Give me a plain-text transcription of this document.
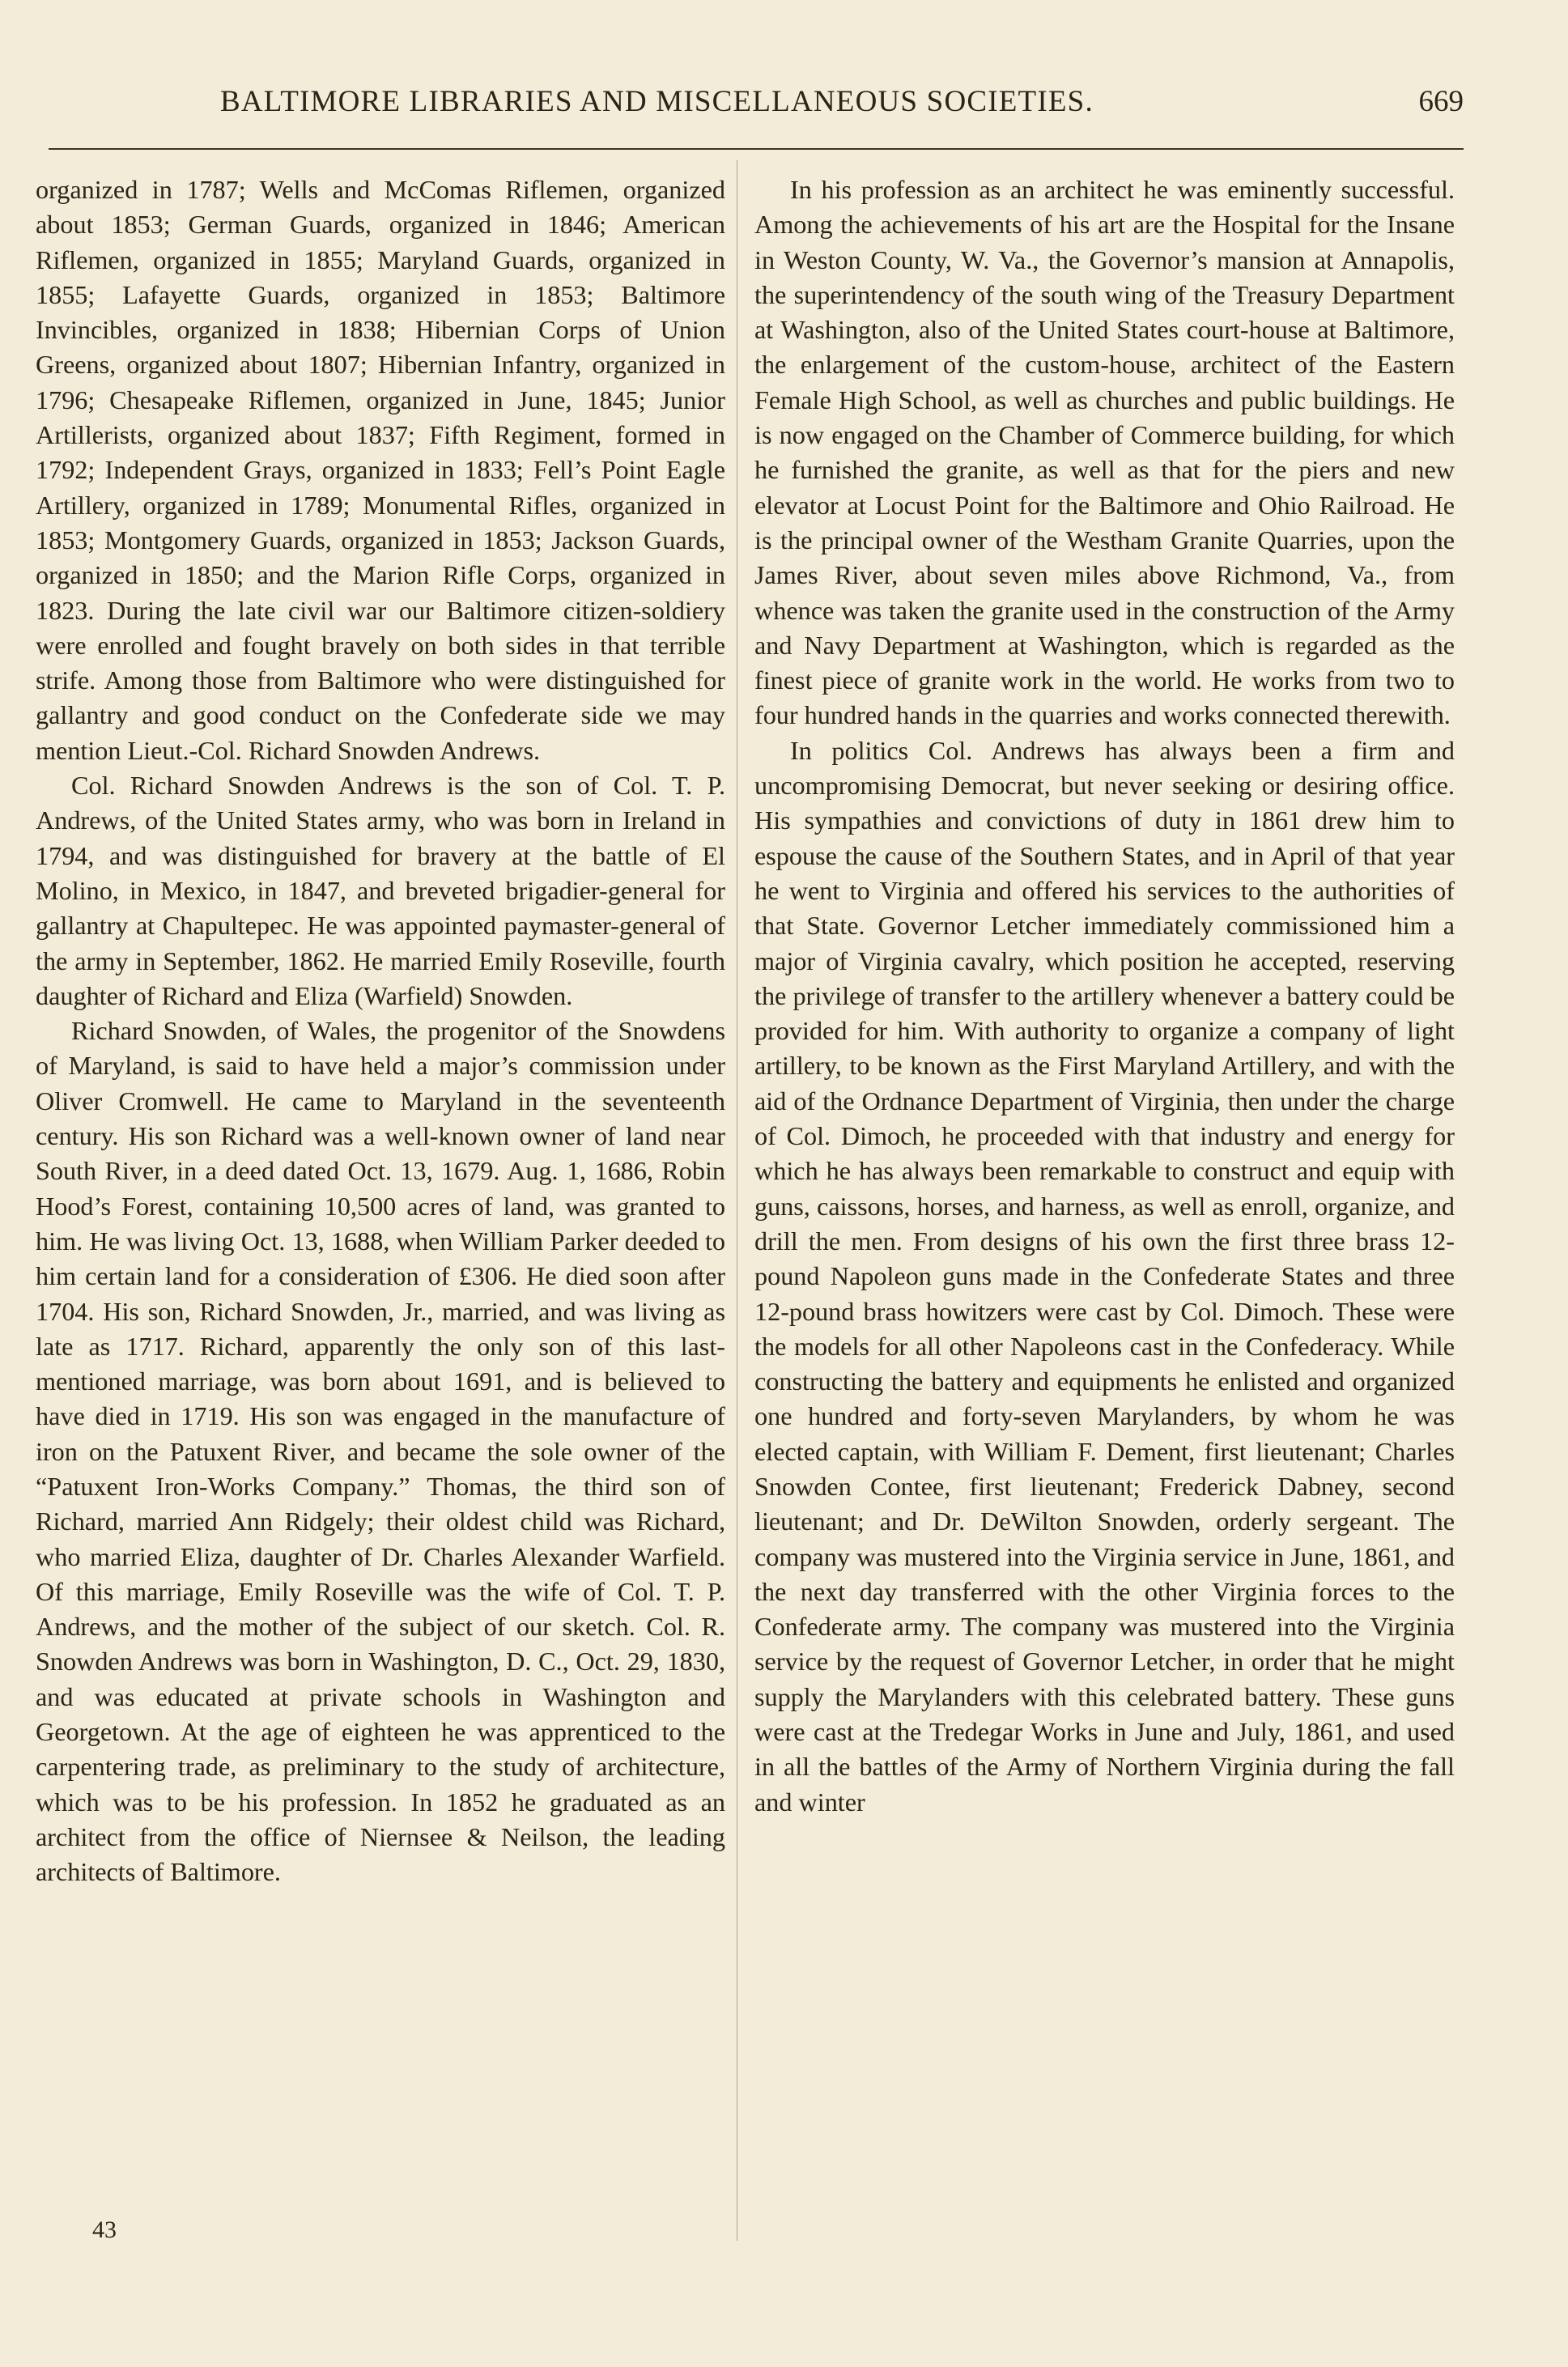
BALTIMORE LIBRARIES AND MISCELLANEOUS SOCIETIES.	669

organized in 1787; Wells and McComas Riflemen, organized about 1853; German Guards, organized in 1846; American Riflemen, organized in 1855; Maryland Guards, organized in 1855; Lafayette Guards, organized in 1853; Baltimore Invincibles, organized in 1838; Hibernian Corps of Union Greens, organized about 1807; Hibernian Infantry, organized in 1796; Chesapeake Riflemen, organized in June, 1845; Junior Artillerists, organized about 1837; Fifth Regiment, formed in 1792; Independent Grays, organized in 1833; Fell’s Point Eagle Artillery, organized in 1789; Monumental Rifles, organized in 1853; Montgomery Guards, organized in 1853; Jackson Guards, organized in 1850; and the Marion Rifle Corps, organized in 1823. During the late civil war our Baltimore citizen-soldiery were enrolled and fought bravely on both sides in that terrible strife. Among those from Baltimore who were distinguished for gallantry and good conduct on the Confederate side we may mention Lieut.-Col. Richard Snowden Andrews.

Col. Richard Snowden Andrews is the son of Col. T. P. Andrews, of the United States army, who was born in Ireland in 1794, and was distinguished for bravery at the battle of El Molino, in Mexico, in 1847, and breveted brigadier-general for gallantry at Chapultepec. He was appointed paymaster-general of the army in September, 1862. He married Emily Roseville, fourth daughter of Richard and Eliza (Warfield) Snowden.

Richard Snowden, of Wales, the progenitor of the Snowdens of Maryland, is said to have held a major’s commission under Oliver Cromwell. He came to Maryland in the seventeenth century. His son Richard was a well-known owner of land near South River, in a deed dated Oct. 13, 1679. Aug. 1, 1686, Robin Hood’s Forest, containing 10,500 acres of land, was granted to him. He was living Oct. 13, 1688, when William Parker deeded to him certain land for a consideration of £306. He died soon after 1704. His son, Richard Snowden, Jr., married, and was living as late as 1717. Richard, apparently the only son of this last-mentioned marriage, was born about 1691, and is believed to have died in 1719. His son was engaged in the manufacture of iron on the Patuxent River, and became the sole owner of the “Patuxent Iron-Works Company.” Thomas, the third son of Richard, married Ann Ridgely; their oldest child was Richard, who married Eliza, daughter of Dr. Charles Alexander Warfield. Of this marriage, Emily Roseville was the wife of Col. T. P. Andrews, and the mother of the subject of our sketch. Col. R. Snowden Andrews was born in Washington, D. C., Oct. 29, 1830, and was educated at private schools in Washington and Georgetown. At the age of eighteen he was apprenticed to the carpentering trade, as preliminary to the study of architecture, which was to be his profession. In 1852 he graduated as an architect from the office of Niernsee & Neilson, the leading architects of Baltimore.

In his profession as an architect he was eminently successful. Among the achievements of his art are the Hospital for the Insane in Weston County, W. Va., the Governor’s mansion at Annapolis, the superintendency of the south wing of the Treasury Department at Washington, also of the United States court-house at Baltimore, the enlargement of the custom-house, architect of the Eastern Female High School, as well as churches and public buildings. He is now engaged on the Chamber of Commerce building, for which he furnished the granite, as well as that for the piers and new elevator at Locust Point for the Baltimore and Ohio Railroad. He is the principal owner of the Westham Granite Quarries, upon the James River, about seven miles above Richmond, Va., from whence was taken the granite used in the construction of the Army and Navy Department at Washington, which is regarded as the finest piece of granite work in the world. He works from two to four hundred hands in the quarries and works connected therewith.

In politics Col. Andrews has always been a firm and uncompromising Democrat, but never seeking or desiring office. His sympathies and convictions of duty in 1861 drew him to espouse the cause of the Southern States, and in April of that year he went to Virginia and offered his services to the authorities of that State. Governor Letcher immediately commissioned him a major of Virginia cavalry, which position he accepted, reserving the privilege of transfer to the artillery whenever a battery could be provided for him. With authority to organize a company of light artillery, to be known as the First Maryland Artillery, and with the aid of the Ordnance Department of Virginia, then under the charge of Col. Dimoch, he proceeded with that industry and energy for which he has always been remarkable to construct and equip with guns, caissons, horses, and harness, as well as enroll, organize, and drill the men. From designs of his own the first three brass 12-pound Napoleon guns made in the Confederate States and three 12-pound brass howitzers were cast by Col. Dimoch. These were the models for all other Napoleons cast in the Confederacy. While constructing the battery and equipments he enlisted and organized one hundred and forty-seven Marylanders, by whom he was elected captain, with William F. Dement, first lieutenant; Charles Snowden Contee, first lieutenant; Frederick Dabney, second lieutenant; and Dr. DeWilton Snowden, orderly sergeant. The company was mustered into the Virginia service in June, 1861, and the next day transferred with the other Virginia forces to the Confederate army. The company was mustered into the Virginia service by the request of Governor Letcher, in order that he might supply the Marylanders with this celebrated battery. These guns were cast at the Tredegar Works in June and July, 1861, and used in all the battles of the Army of Northern Virginia during the fall and winter

43
